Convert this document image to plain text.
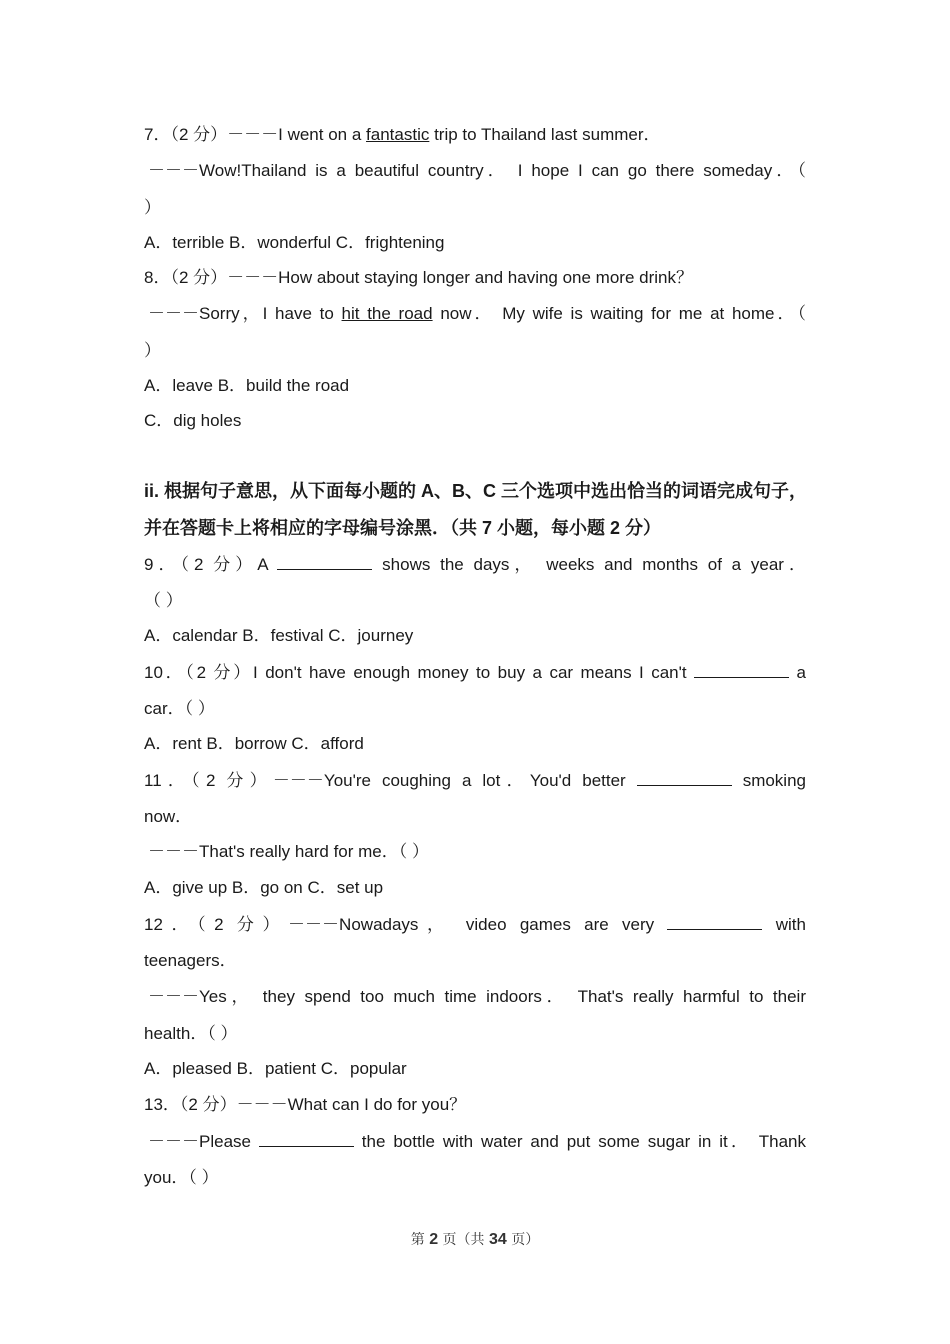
7．（2 分）－－－I went on a fantastic trip to Thailand last summer．
－－－Wow!Thailand is a beautiful country． I hope I can go there someday．（
）
A．terrible B．wonderful C．frightening
8．（2 分）－－－How about staying longer and having one more drink？
－－－Sorry，I have to hit the road now． My wife is waiting for me at home．（
）
A．leave B．build the road
C．dig holes
ii. 根据句子意思，从下面每小题的 A、B、C 三个选项中选出恰当的词语完成句子，
并在答题卡上将相应的字母编号涂黑．（共 7 小题，每小题 2 分）
9．（2 分）A	shows the days， weeks and months of a year．
（ ）
A．calendar B．festival C．journey
10．（2 分）I don't have enough money to buy a car means I can't	a
car．（ ）
A．rent B．borrow C．afford
11．（2 分）－－－You're coughing a lot．You'd better	smoking
now．
－－－That's really hard for me．（ ）
A．give up B．go on C．set up
12．（2 分）－－－Nowadays， video games are very	with
teenagers．
－－－Yes， they spend too much time indoors． That's really harmful to their
health．（ ）
A．pleased B．patient C．popular
13．（2 分）－－－What can I do for you？
－－－Please	the bottle with water and put some sugar in it． Thank
you．（ ）
第 2 页（共 34 页）
